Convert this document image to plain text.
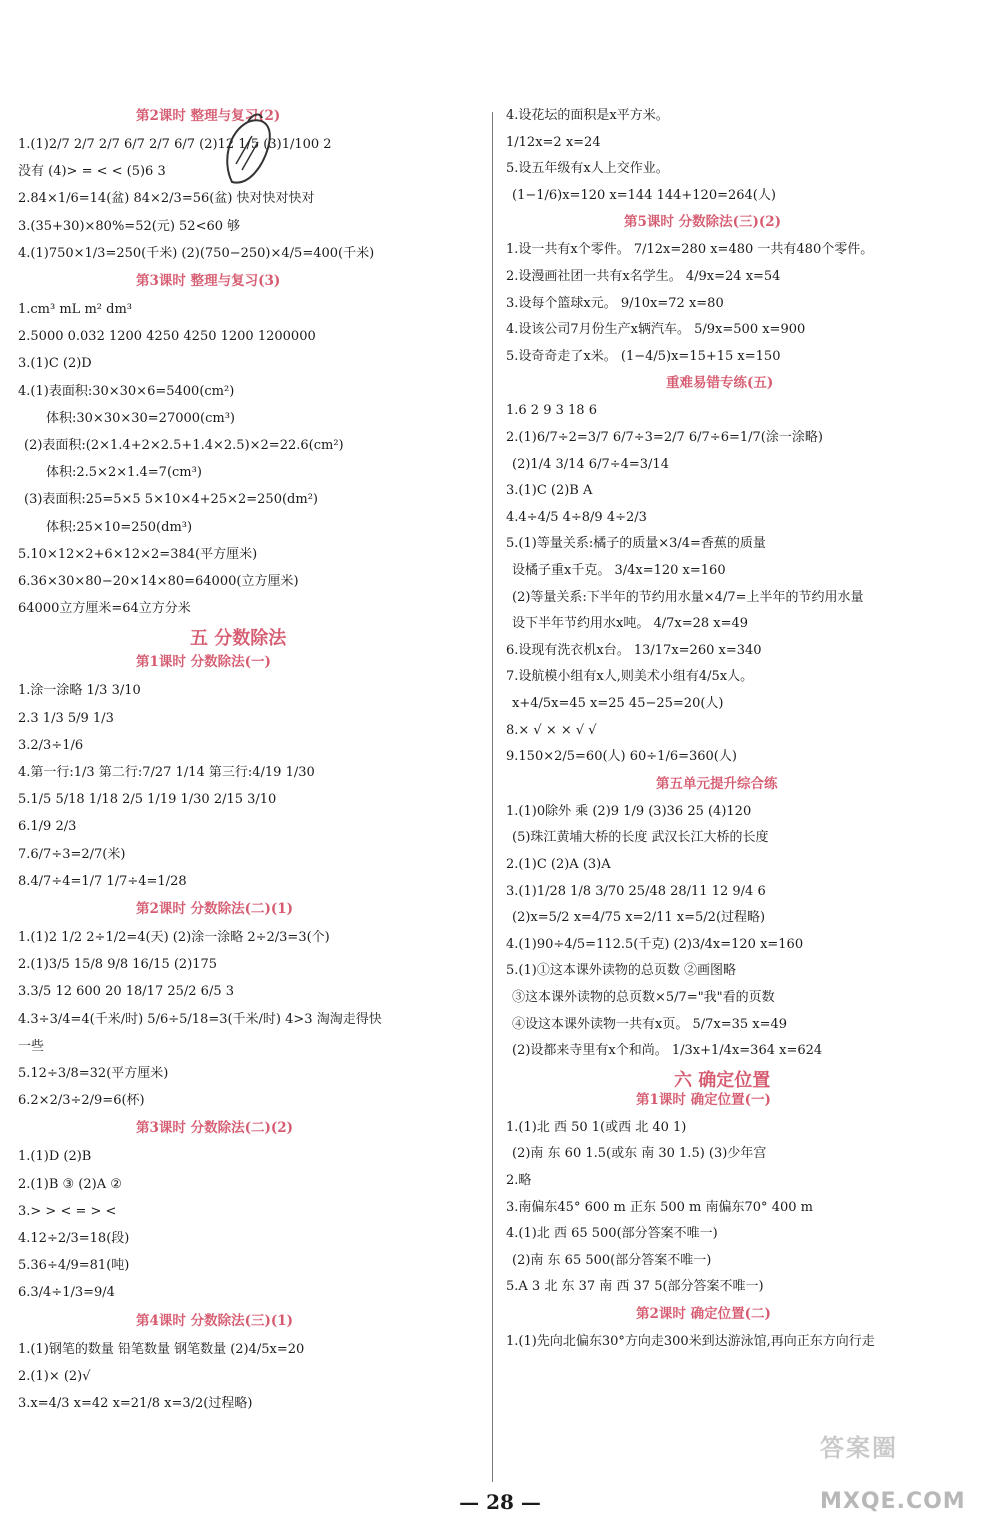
第2课时 整理与复习(2)
1.(1)2/7 2/7 2/7 6/7 2/7 6/7 (2)12 1/5 (3)1/100 2
没有 (4)> = < < (5)6 3
2.84×1/6=14(盆) 84×2/3=56(盆) 快对快对快对
3.(35+30)×80%=52(元) 52<60 够
4.(1)750×1/3=250(千米) (2)(750−250)×4/5=400(千米)
第3课时 整理与复习(3)
1.cm³ mL m² dm³
2.5000 0.032 1200 4250 4250 1200 1200000
3.(1)C (2)D
4.(1)表面积:30×30×6=5400(cm²)
体积:30×30×30=27000(cm³)
(2)表面积:(2×1.4+2×2.5+1.4×2.5)×2=22.6(cm²)
体积:2.5×2×1.4=7(cm³)
(3)表面积:25=5×5 5×10×4+25×2=250(dm²)
体积:25×10=250(dm³)
5.10×12×2+6×12×2=384(平方厘米)
6.36×30×80−20×14×80=64000(立方厘米)
64000立方厘米=64立方分米
五 分数除法
第1课时 分数除法(一)
1.涂一涂略 1/3 3/10
2.3 1/3 5/9 1/3
3.2/3÷1/6
4.第一行:1/3 第二行:7/27 1/14 第三行:4/19 1/30
5.1/5 5/18 1/18 2/5 1/19 1/30 2/15 3/10
6.1/9 2/3
7.6/7÷3=2/7(米)
8.4/7÷4=1/7 1/7÷4=1/28
第2课时 分数除法(二)(1)
1.(1)2 1/2 2÷1/2=4(天) (2)涂一涂略 2÷2/3=3(个)
2.(1)3/5 15/8 9/8 16/15 (2)175
3.3/5 12 600 20 18/17 25/2 6/5 3
4.3÷3/4=4(千米/时) 5/6÷5/18=3(千米/时) 4>3 淘淘走得快
一些
5.12÷3/8=32(平方厘米)
6.2×2/3÷2/9=6(杯)
第3课时 分数除法(二)(2)
1.(1)D (2)B
2.(1)B ③ (2)A ②
3.> > < = > <
4.12÷2/3=18(段)
5.36÷4/9=81(吨)
6.3/4÷1/3=9/4
第4课时 分数除法(三)(1)
1.(1)钢笔的数量 铅笔数量 钢笔数量 (2)4/5x=20
2.(1)× (2)√
3.x=4/3 x=42 x=21/8 x=3/2(过程略)
4.设花坛的面积是x平方米。
1/12x=2 x=24
5.设五年级有x人上交作业。
(1−1/6)x=120 x=144 144+120=264(人)
第5课时 分数除法(三)(2)
1.设一共有x个零件。 7/12x=280 x=480 一共有480个零件。
2.设漫画社团一共有x名学生。 4/9x=24 x=54
3.设每个篮球x元。 9/10x=72 x=80
4.设该公司7月份生产x辆汽车。 5/9x=500 x=900
5.设奇奇走了x米。 (1−4/5)x=15+15 x=150
重难易错专练(五)
1.6 2 9 3 18 6
2.(1)6/7÷2=3/7 6/7÷3=2/7 6/7÷6=1/7(涂一涂略)
(2)1/4 3/14 6/7÷4=3/14
3.(1)C (2)B A
4.4÷4/5 4÷8/9 4÷2/3
5.(1)等量关系:橘子的质量×3/4=香蕉的质量
设橘子重x千克。 3/4x=120 x=160
(2)等量关系:下半年的节约用水量×4/7=上半年的节约用水量
设下半年节约用水x吨。 4/7x=28 x=49
6.设现有洗衣机x台。 13/17x=260 x=340
7.设航模小组有x人,则美术小组有4/5x人。
x+4/5x=45 x=25 45−25=20(人)
8.× √ × × √ √
9.150×2/5=60(人) 60÷1/6=360(人)
第五单元提升综合练
1.(1)0除外 乘 (2)9 1/9 (3)36 25 (4)120
(5)珠江黄埔大桥的长度 武汉长江大桥的长度
2.(1)C (2)A (3)A
3.(1)1/28 1/8 3/70 25/48 28/11 12 9/4 6
(2)x=5/2 x=4/75 x=2/11 x=5/2(过程略)
4.(1)90÷4/5=112.5(千克) (2)3/4x=120 x=160
5.(1)①这本课外读物的总页数 ②画图略
③这本课外读物的总页数×5/7="我"看的页数
④设这本课外读物一共有x页。 5/7x=35 x=49
(2)设都来寺里有x个和尚。 1/3x+1/4x=364 x=624
六 确定位置
第1课时 确定位置(一)
1.(1)北 西 50 1(或西 北 40 1)
(2)南 东 60 1.5(或东 南 30 1.5) (3)少年宫
2.略
3.南偏东45° 600 m 正东 500 m 南偏东70° 400 m
4.(1)北 西 65 500(部分答案不唯一)
(2)南 东 65 500(部分答案不唯一)
5.A 3 北 东 37 南 西 37 5(部分答案不唯一)
第2课时 确定位置(二)
1.(1)先向北偏东30°方向走300米到达游泳馆,再向正东方向行走
— 28 —
答案圈
MXQE.COM
